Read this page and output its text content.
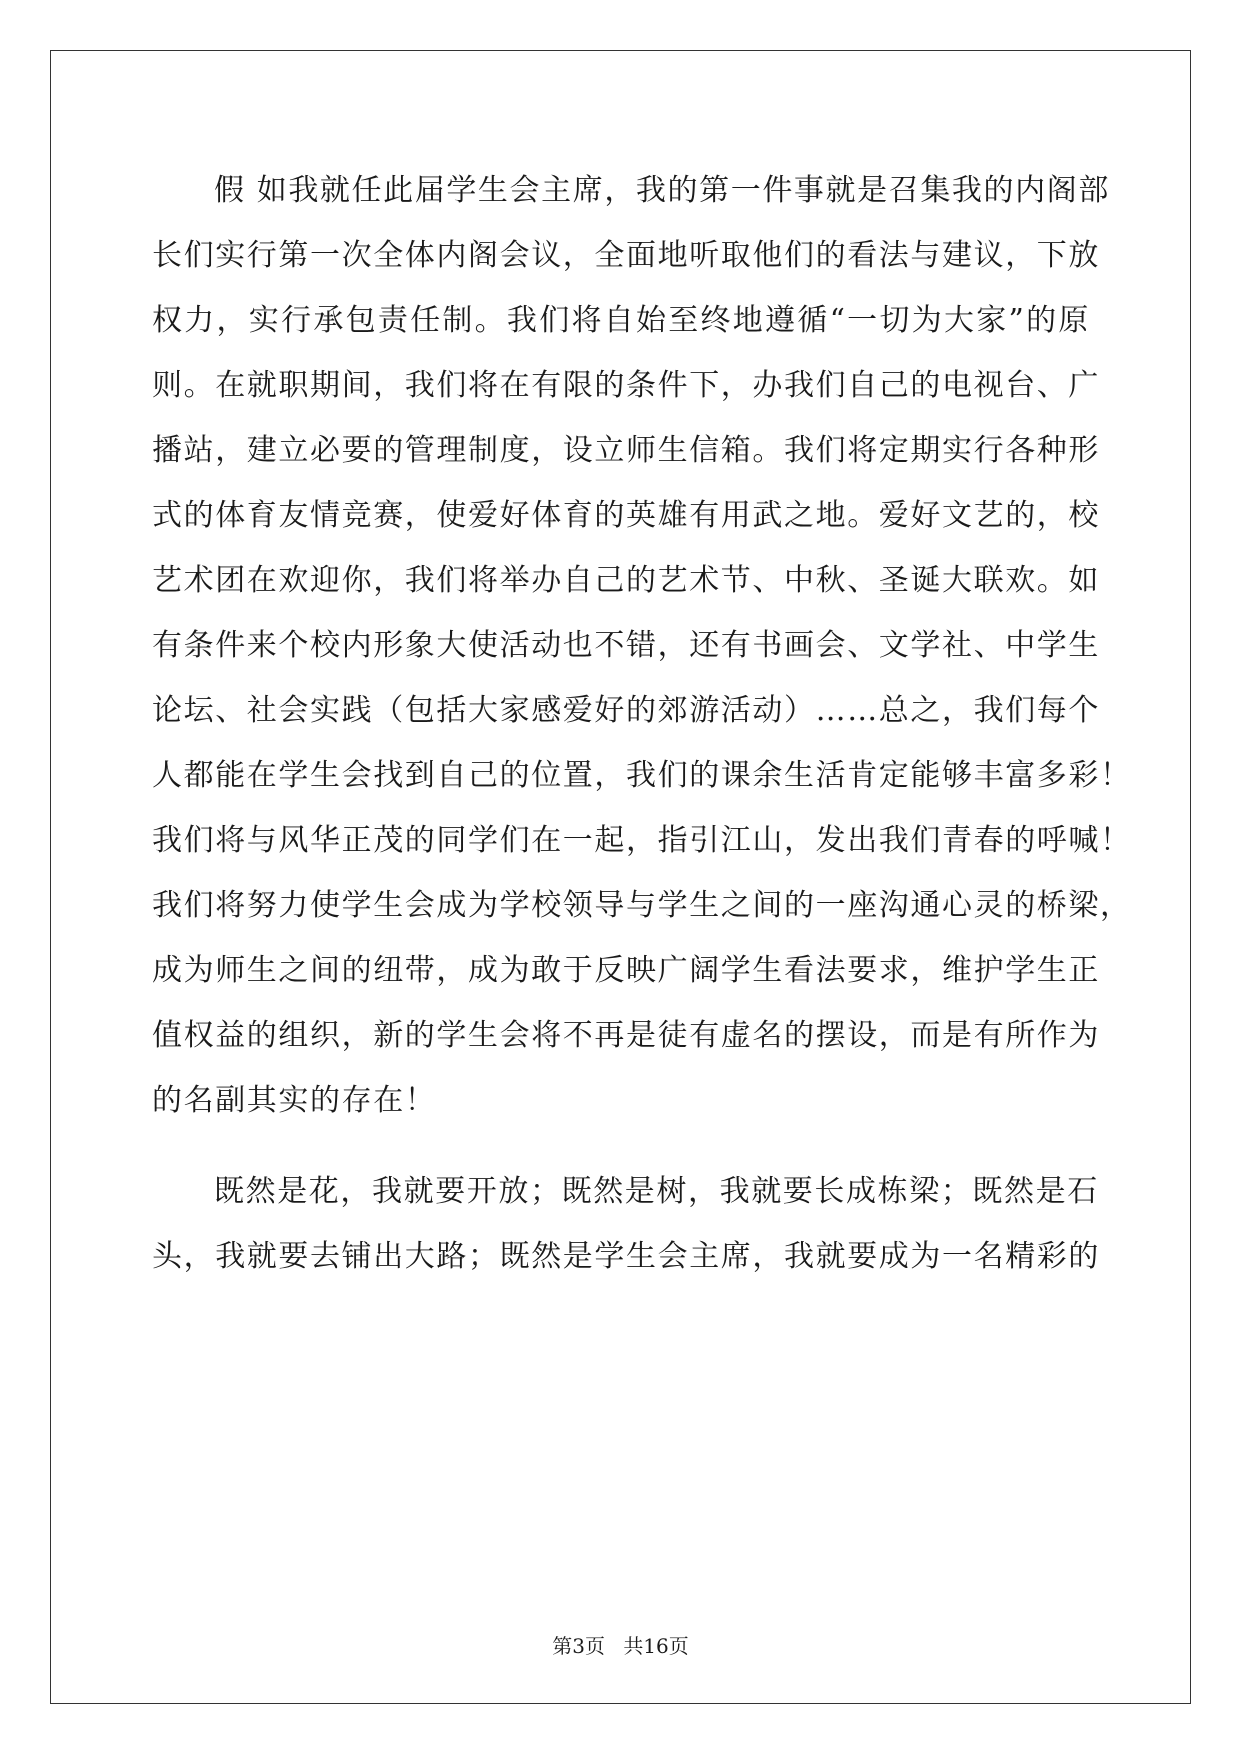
假 如我就任此届学生会主席，我的第一件事就是召集我的内阁部
长们实行第一次全体内阁会议，全面地听取他们的看法与建议，下放
权力，实行承包责任制。我们将自始至终地遵循“一切为大家”的原
则。在就职期间，我们将在有限的条件下，办我们自己的电视台、广
播站，建立必要的管理制度，设立师生信箱。我们将定期实行各种形
式的体育友情竞赛，使爱好体育的英雄有用武之地。爱好文艺的，校
艺术团在欢迎你，我们将举办自己的艺术节、中秋、圣诞大联欢。如
有条件来个校内形象大使活动也不错，还有书画会、文学社、中学生
论坛、社会实践（包括大家感爱好的郊游活动）……总之，我们每个
人都能在学生会找到自己的位置，我们的课余生活肯定能够丰富多彩！
我们将与风华正茂的同学们在一起，指引江山，发出我们青春的呼喊！
我们将努力使学生会成为学校领导与学生之间的一座沟通心灵的桥梁，
成为师生之间的纽带，成为敢于反映广阔学生看法要求，维护学生正
值权益的组织，新的学生会将不再是徒有虚名的摆设，而是有所作为
的名副其实的存在！
既然是花，我就要开放；既然是树，我就要长成栋梁；既然是石
头，我就要去铺出大路；既然是学生会主席，我就要成为一名精彩的
第3页 共16页
